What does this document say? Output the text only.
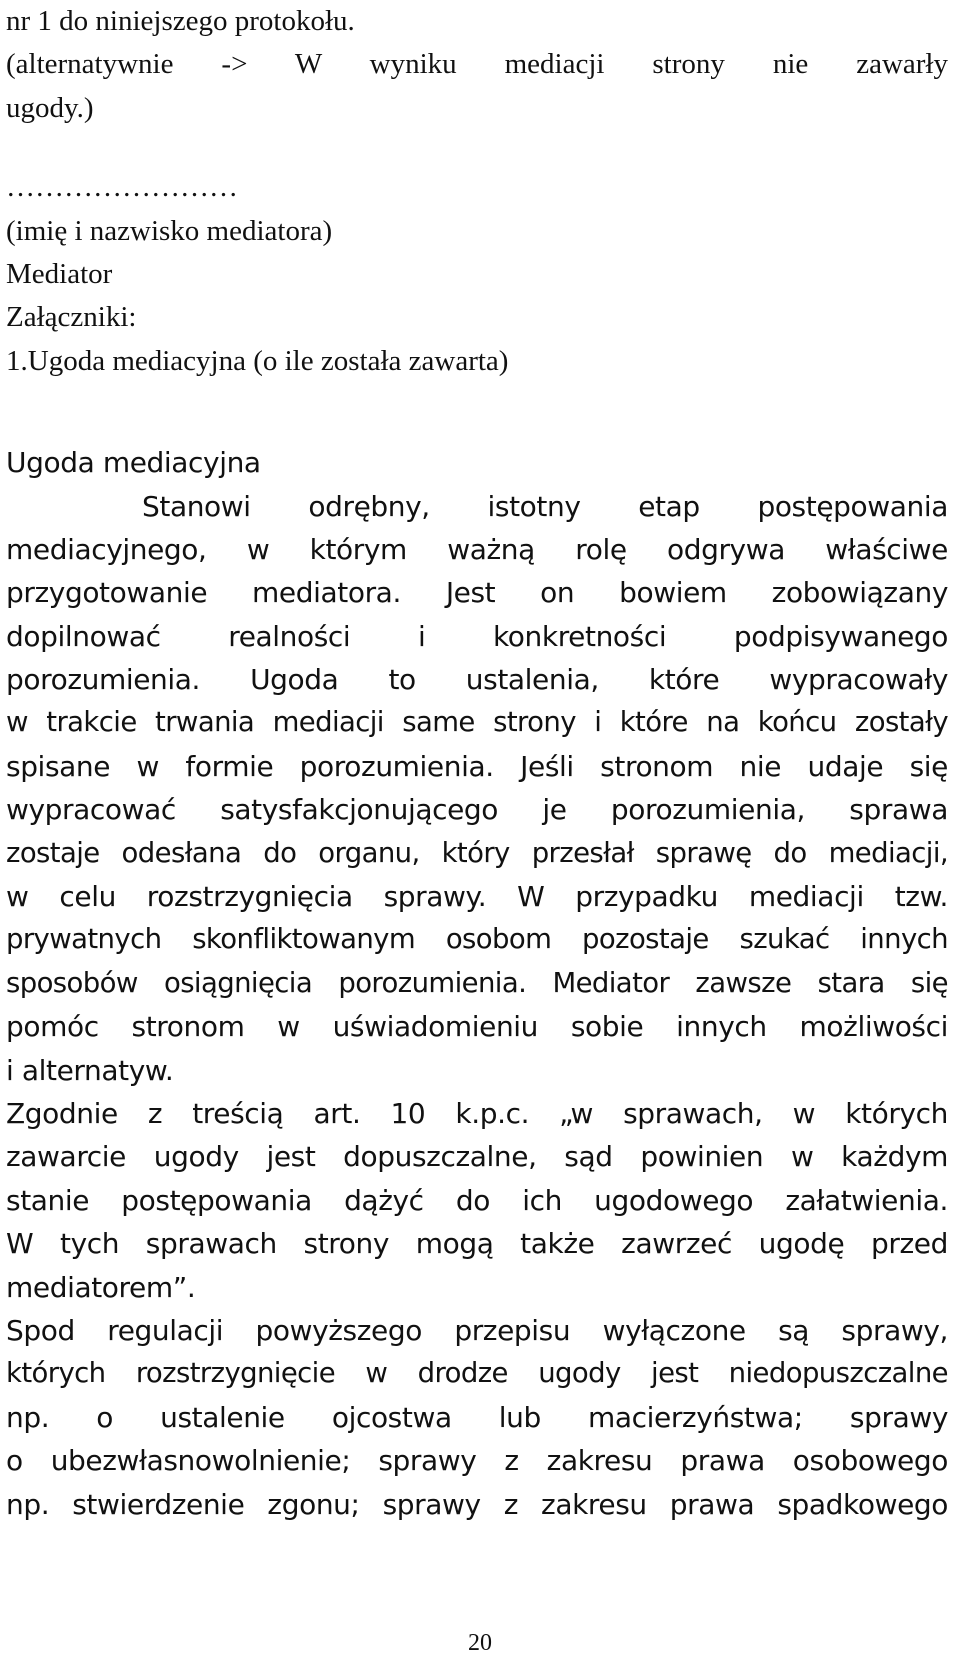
nr 1 do niniejszego protokołu.

(alternatywnie -> W wyniku mediacji strony nie zawarły

ugody.)

……………………

(imię i nazwisko mediatora)

Mediator

Załączniki:

1.Ugoda mediacyjna (o ile została zawarta)

Ugoda mediacyjna

Stanowi odrębny, istotny etap postępowania

mediacyjnego, w którym ważną rolę odgrywa właściwe

przygotowanie mediatora. Jest on bowiem zobowiązany

dopilnować realności i konkretności podpisywanego

porozumienia. Ugoda to ustalenia, które wypracowały

w trakcie trwania mediacji same strony i które na końcu zostały

spisane w formie porozumienia. Jeśli stronom nie udaje się

wypracować satysfakcjonującego je porozumienia, sprawa

zostaje odesłana do organu, który przesłał sprawę do mediacji,

w celu rozstrzygnięcia sprawy. W przypadku mediacji tzw.

prywatnych skonfliktowanym osobom pozostaje szukać innych

sposobów osiągnięcia porozumienia. Mediator zawsze stara się

pomóc stronom w uświadomieniu sobie innych możliwości

i alternatyw.

Zgodnie z treścią art. 10 k.p.c. „w sprawach, w których

zawarcie ugody jest dopuszczalne, sąd powinien w każdym

stanie postępowania dążyć do ich ugodowego załatwienia.

W tych sprawach strony mogą także zawrzeć ugodę przed

mediatorem”.

Spod regulacji powyższego przepisu wyłączone są sprawy,

których rozstrzygnięcie w drodze ugody jest niedopuszczalne

np. o ustalenie ojcostwa lub macierzyństwa; sprawy

o ubezwłasnowolnienie; sprawy z zakresu prawa osobowego

np. stwierdzenie zgonu; sprawy z zakresu prawa spadkowego

20
